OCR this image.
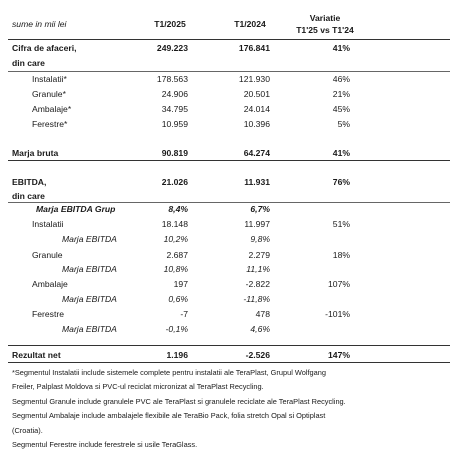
sume in mii lei	T1/2025	T1/2024
Variatie
T1'25 vs T1'24
Cifra de afaceri,	249.223	176.841	41%
din care
Instalatii*	178.563	121.930	46%
Granule*	24.906	20.501	21%
Ambalaje*	34.795	24.014	45%
Ferestre*	10.959	10.396	5%
Marja bruta	90.819	64.274	41%
EBITDA,	21.026	11.931	76%
din care
Marja EBITDA Grup	8,4%	6,7%
Instalatii	18.148	11.997	51%
Marja EBITDA	10,2%	9,8%
Granule	2.687	2.279	18%
Marja EBITDA	10,8%	11,1%
Ambalaje	197	-2.822	107%
Marja EBITDA	0,6%	-11,8%
Ferestre	-7	478	-101%
Marja EBITDA	-0,1%	4,6%
Rezultat net	1.196	-2.526	147%

*Segmentul Instalatii include sistemele complete pentru instalatii ale TeraPlast, Grupul Wolfgang

Freiler, Palplast Moldova si PVC-ul reciclat micronizat al TeraPlast Recycling.

Segmentul Granule include granulele PVC ale TeraPlast si granulele reciclate ale TeraPlast Recycling.

Segmentul Ambalaje include ambalajele flexibile ale TeraBio Pack, folia stretch Opal si Optiplast

(Croatia).

Segmentul Ferestre include ferestrele si usile TeraGlass.
